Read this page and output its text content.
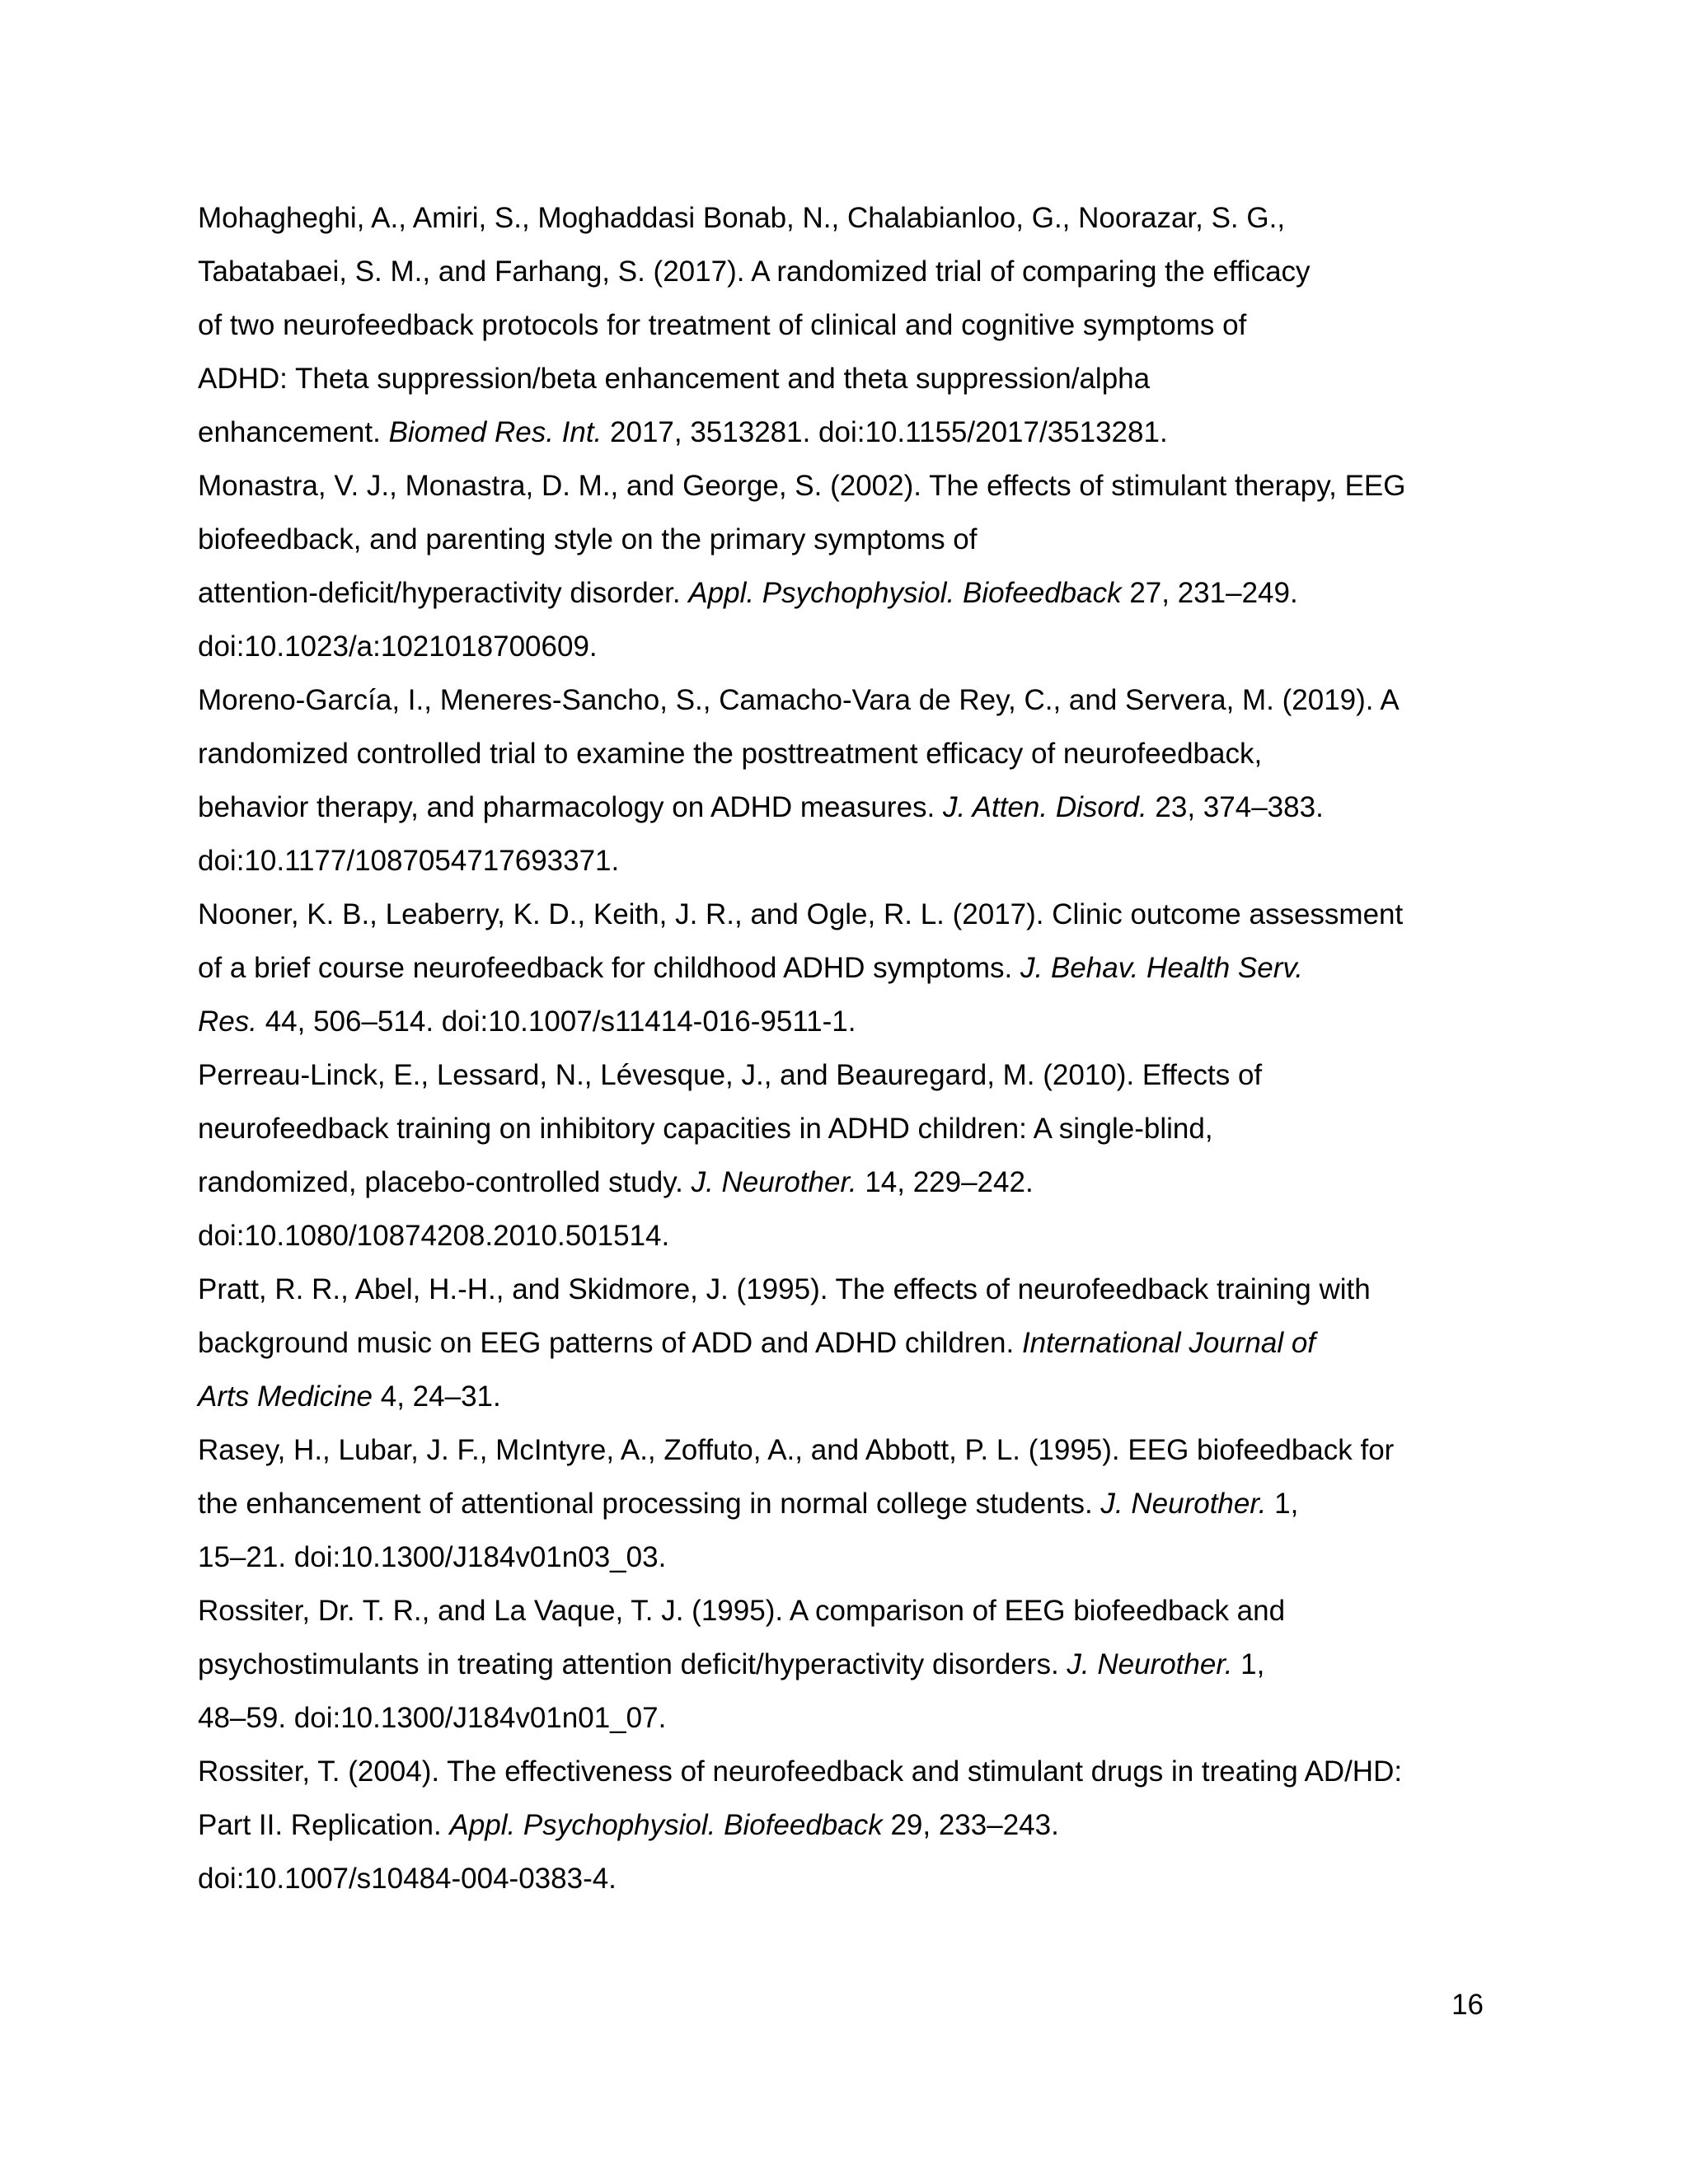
Mohagheghi, A., Amiri, S., Moghaddasi Bonab, N., Chalabianloo, G., Noorazar, S. G.,
Tabatabaei, S. M., and Farhang, S. (2017). A randomized trial of comparing the efficacy
of two neurofeedback protocols for treatment of clinical and cognitive symptoms of
ADHD: Theta suppression/beta enhancement and theta suppression/alpha
enhancement. Biomed Res. Int. 2017, 3513281. doi:10.1155/2017/3513281.
Monastra, V. J., Monastra, D. M., and George, S. (2002). The effects of stimulant therapy, EEG
biofeedback, and parenting style on the primary symptoms of
attention-deficit/hyperactivity disorder. Appl. Psychophysiol. Biofeedback 27, 231–249.
doi:10.1023/a:1021018700609.
Moreno-García, I., Meneres-Sancho, S., Camacho-Vara de Rey, C., and Servera, M. (2019). A
randomized controlled trial to examine the posttreatment efficacy of neurofeedback,
behavior therapy, and pharmacology on ADHD measures. J. Atten. Disord. 23, 374–383.
doi:10.1177/1087054717693371.
Nooner, K. B., Leaberry, K. D., Keith, J. R., and Ogle, R. L. (2017). Clinic outcome assessment
of a brief course neurofeedback for childhood ADHD symptoms. J. Behav. Health Serv.
Res. 44, 506–514. doi:10.1007/s11414-016-9511-1.
Perreau-Linck, E., Lessard, N., Lévesque, J., and Beauregard, M. (2010). Effects of
neurofeedback training on inhibitory capacities in ADHD children: A single-blind,
randomized, placebo-controlled study. J. Neurother. 14, 229–242.
doi:10.1080/10874208.2010.501514.
Pratt, R. R., Abel, H.-H., and Skidmore, J. (1995). The effects of neurofeedback training with
background music on EEG patterns of ADD and ADHD children. International Journal of
Arts Medicine 4, 24–31.
Rasey, H., Lubar, J. F., McIntyre, A., Zoffuto, A., and Abbott, P. L. (1995). EEG biofeedback for
the enhancement of attentional processing in normal college students. J. Neurother. 1,
15–21. doi:10.1300/J184v01n03_03.
Rossiter, Dr. T. R., and La Vaque, T. J. (1995). A comparison of EEG biofeedback and
psychostimulants in treating attention deficit/hyperactivity disorders. J. Neurother. 1,
48–59. doi:10.1300/J184v01n01_07.
Rossiter, T. (2004). The effectiveness of neurofeedback and stimulant drugs in treating AD/HD:
Part II. Replication. Appl. Psychophysiol. Biofeedback 29, 233–243.
doi:10.1007/s10484-004-0383-4.
16
